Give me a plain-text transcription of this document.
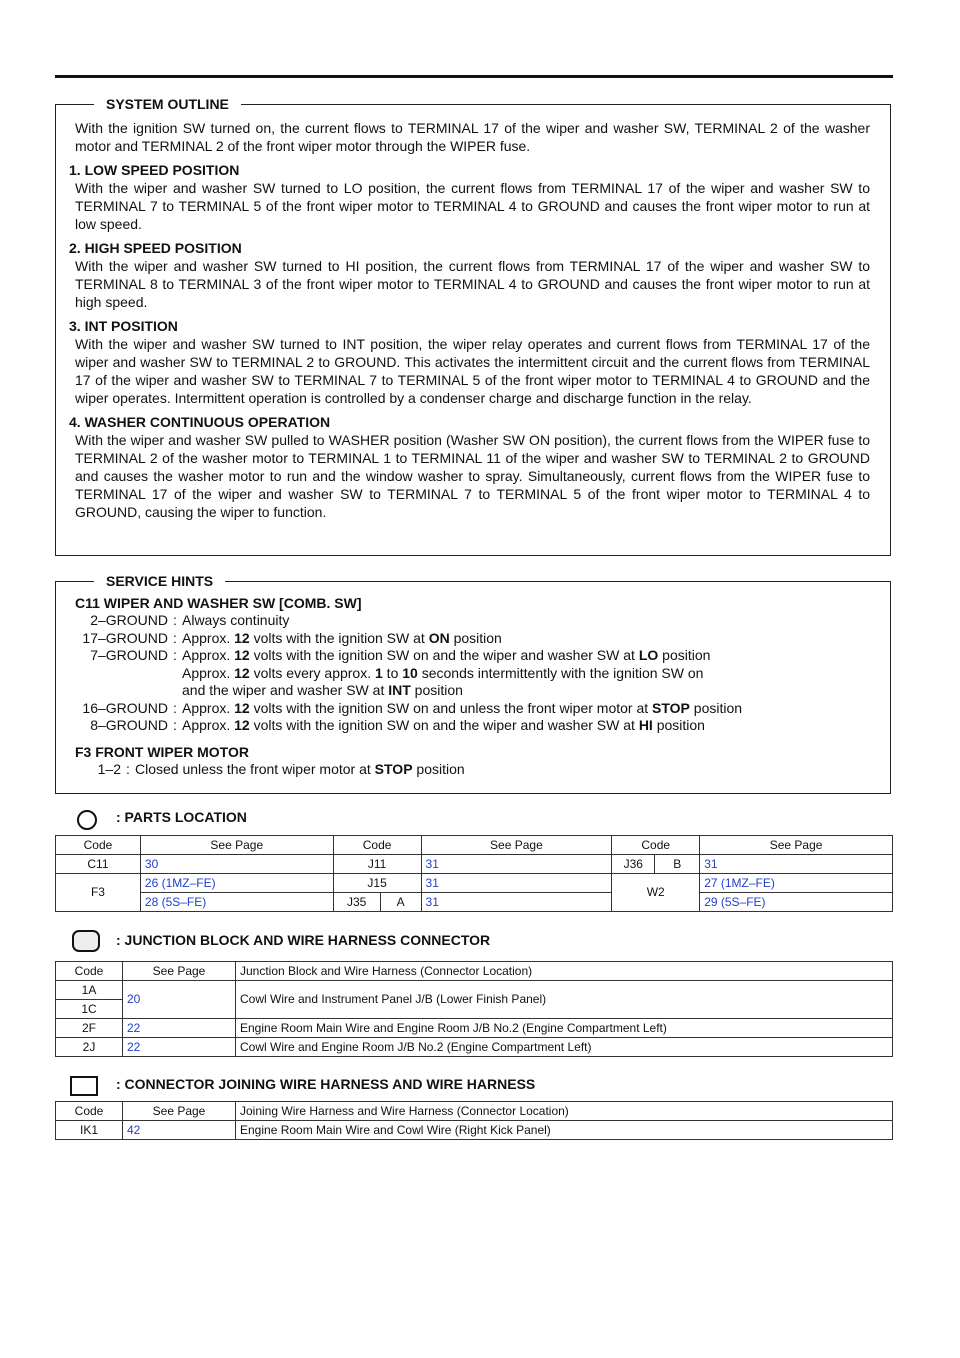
SYSTEM OUTLINE

With the ignition SW turned on, the current flows to TERMINAL 17 of the wiper and washer SW, TERMINAL 2 of the washer motor and TERMINAL 2 of the front wiper motor through the WIPER fuse.

1. LOW SPEED POSITION

With the wiper and washer SW turned to LO position, the current flows from TERMINAL 17 of the wiper and washer SW to TERMINAL 7 to TERMINAL 5 of the front wiper motor to TERMINAL 4 to GROUND and causes the front wiper motor to run at low speed.

2. HIGH SPEED POSITION

With the wiper and washer SW turned to HI position, the current flows from TERMINAL 17 of the wiper and washer SW to TERMINAL 8 to TERMINAL 3 of the front wiper motor to TERMINAL 4 to GROUND and causes the front wiper motor to run at high speed.

3. INT POSITION

With the wiper and washer SW turned to INT position, the wiper relay operates and current flows from TERMINAL 17 of the wiper and washer SW to TERMINAL 2 to GROUND. This activates the intermittent circuit and the current flows from TERMINAL 17 of the wiper and washer SW to TERMINAL 7 to TERMINAL 5 of the front wiper motor to TERMINAL 4 to GROUND and the wiper operates. Intermittent operation is controlled by a condenser charge and discharge function in the relay.

4. WASHER CONTINUOUS OPERATION

With the wiper and washer SW pulled to WASHER position (Washer SW ON position), the current flows from the WIPER fuse to TERMINAL 2 of the washer motor to TERMINAL 1 to TERMINAL 11 of the wiper and washer SW to TERMINAL 2 to GROUND and causes the washer motor to run and the window washer to spray. Simultaneously, current flows from the WIPER fuse to TERMINAL 17 of the wiper and washer SW to TERMINAL 7 to TERMINAL 5 of the front wiper motor to TERMINAL 4 to GROUND, causing the wiper to function.

SERVICE HINTS
C11 WIPER AND WASHER SW [COMB. SW]
2–GROUND : Always continuity
17–GROUND : Approx. 12 volts with the ignition SW at ON position
7–GROUND : Approx. 12 volts with the ignition SW on and the wiper and washer SW at LO position
Approx. 12 volts every approx. 1 to 10 seconds intermittently with the ignition SW on
and the wiper and washer SW at INT position
16–GROUND : Approx. 12 volts with the ignition SW on and unless the front wiper motor at STOP position
8–GROUND : Approx. 12 volts with the ignition SW on and the wiper and washer SW at HI position
F3 FRONT WIPER MOTOR
1–2 : Closed unless the front wiper motor at STOP position
: PARTS LOCATION
Code	See Page	Code		See Page	Code		See Page
C11	30	J11		31	J36	B	31
F3	26 (1MZ–FE)	J15		31	W2		27 (1MZ–FE)
	28 (5S–FE)	J35	A	31			29 (5S–FE)
: JUNCTION BLOCK AND WIRE HARNESS CONNECTOR
Code	See Page	Junction Block and Wire Harness (Connector Location)
1A	20	Cowl Wire and Instrument Panel J/B (Lower Finish Panel)
1C		
2F	22	Engine Room Main Wire and Engine Room J/B No.2 (Engine Compartment Left)
2J	22	Cowl Wire and Engine Room J/B No.2 (Engine Compartment Left)
: CONNECTOR JOINING WIRE HARNESS AND WIRE HARNESS
Code	See Page	Joining Wire Harness and Wire Harness (Connector Location)
IK1	42	Engine Room Main Wire and Cowl Wire (Right Kick Panel)
